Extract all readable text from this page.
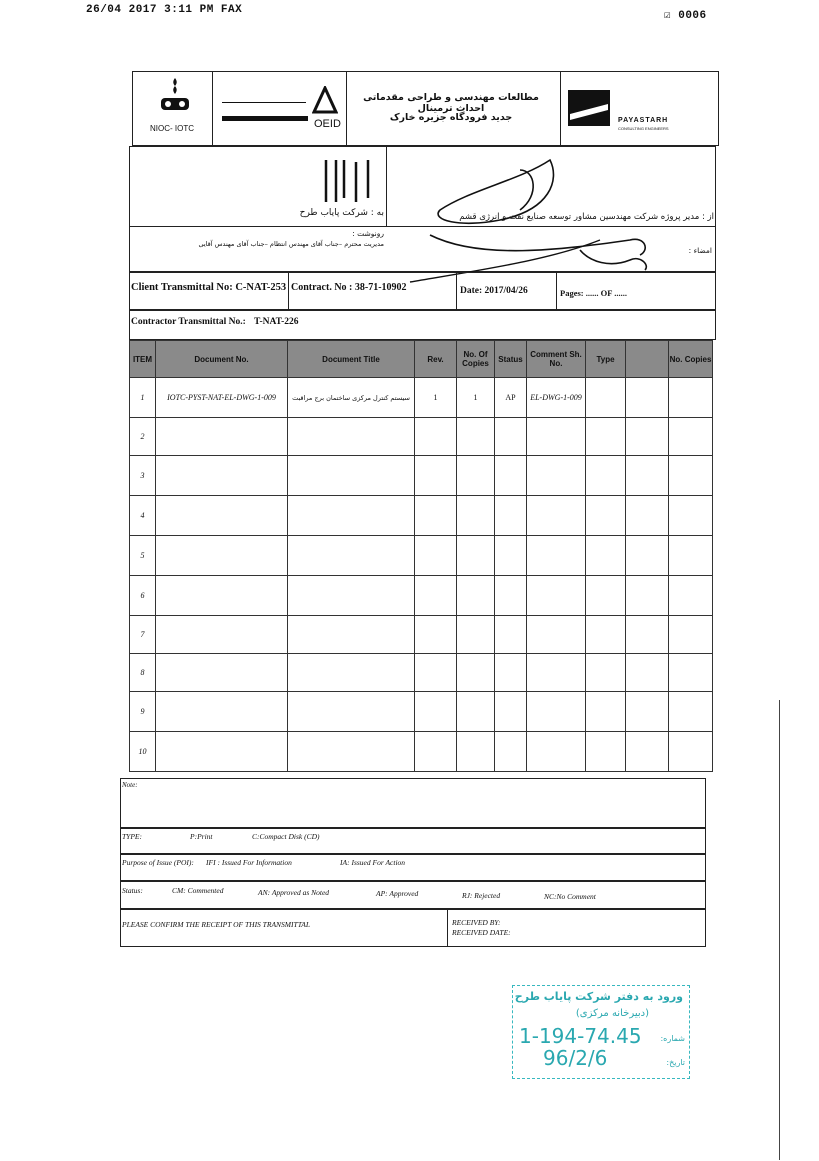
26/04 2017 3:11 PM FAX	☑ 0006
NIOC- IOTC	OEID
مطالعات مهندسی و طراحی مقدماتی احداث ترمینال
جدید فرودگاه جزیره خارک	PAYASTARH
CONSULTING ENGINEERS
به : شرکت پایاب طرح	از : مدیر پروژه شرکت مهندسین مشاور توسعه صنایع نفت و انرژی قشم
رونوشت :
مدیریت محترم –جناب آقای مهندس انتظام –جناب آقای مهندس آقایی
امضاء :
Client Transmittal No: C-NAT-253 Contract. No : 38-71-10902	Date: 2017/04/26	Pages: ...... OF ......
Contractor Transmittal No.: T-NAT-226
ITEM	Document No.	Document Title	Rev.	No. Of Copies	Status	Comment Sh. No.	Type			No. Copies
1	IOTC-PYST-NAT-EL-DWG-1-009	سیستم کنترل مرکزی ساختمان برج مراقبت	1	1	AP	EL-DWG-1-009				
2										
3										
4										
5										
6										
7										
8										
9										
10										
Note:
TYPE:	P:Print	C:Compact Disk (CD)
Purpose of Issue (POI): IFI : Issued For Information	IA: Issued For Action
Status:	CM: Commented	AN: Approved as Noted	AP: Approved	RJ: Rejected	NC:No Comment
PLEASE CONFIRM THE RECEIPT OF THIS TRANSMITTAL	RECEIVED BY:
RECEIVED DATE:
ورود به دفتر شرکت پایاب طرح
(دبیرخانه مرکزی)
شماره:
1-194-74.45
تاریخ:
96/2/6
